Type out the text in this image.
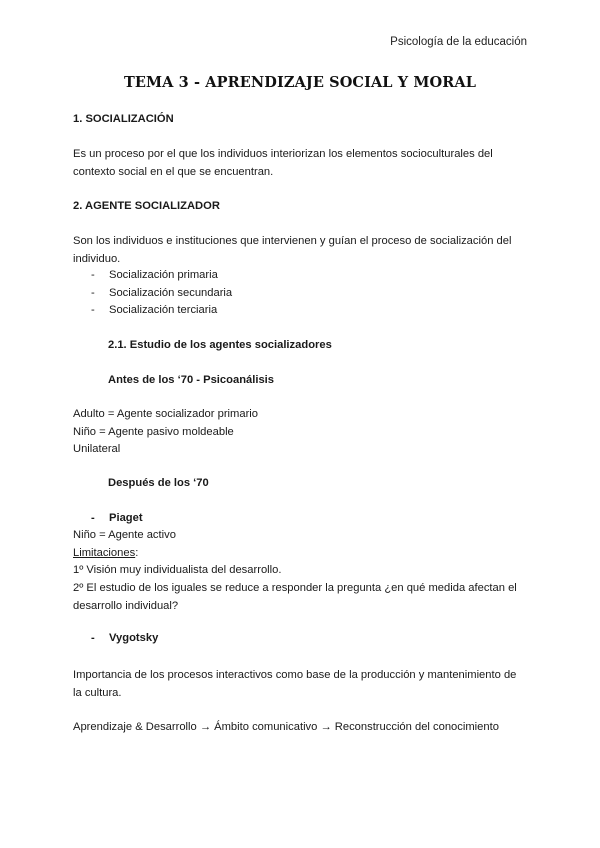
Psicología de la educación
TEMA 3 - APRENDIZAJE SOCIAL Y MORAL
1. SOCIALIZACIÓN
Es un proceso por el que los individuos interiorizan los elementos socioculturales del contexto social en el que se encuentran.
2. AGENTE SOCIALIZADOR
Son los individuos e instituciones que intervienen y guían el proceso de socialización del individuo.
- Socialización primaria
- Socialización secundaria
- Socialización terciaria
2.1. Estudio de los agentes socializadores
Antes de los ‘70 - Psicoanálisis
Adulto = Agente socializador primario
Niño = Agente pasivo moldeable
Unilateral
Después de los ‘70
- Piaget
Niño = Agente activo
Limitaciones:
1º Visión muy individualista del desarrollo.
2º El estudio de los iguales se reduce a responder la pregunta ¿en qué medida afectan el desarrollo individual?
- Vygotsky
Importancia de los procesos interactivos como base de la producción y mantenimiento de la cultura.
Aprendizaje & Desarrollo → Ámbito comunicativo → Reconstrucción del conocimiento
